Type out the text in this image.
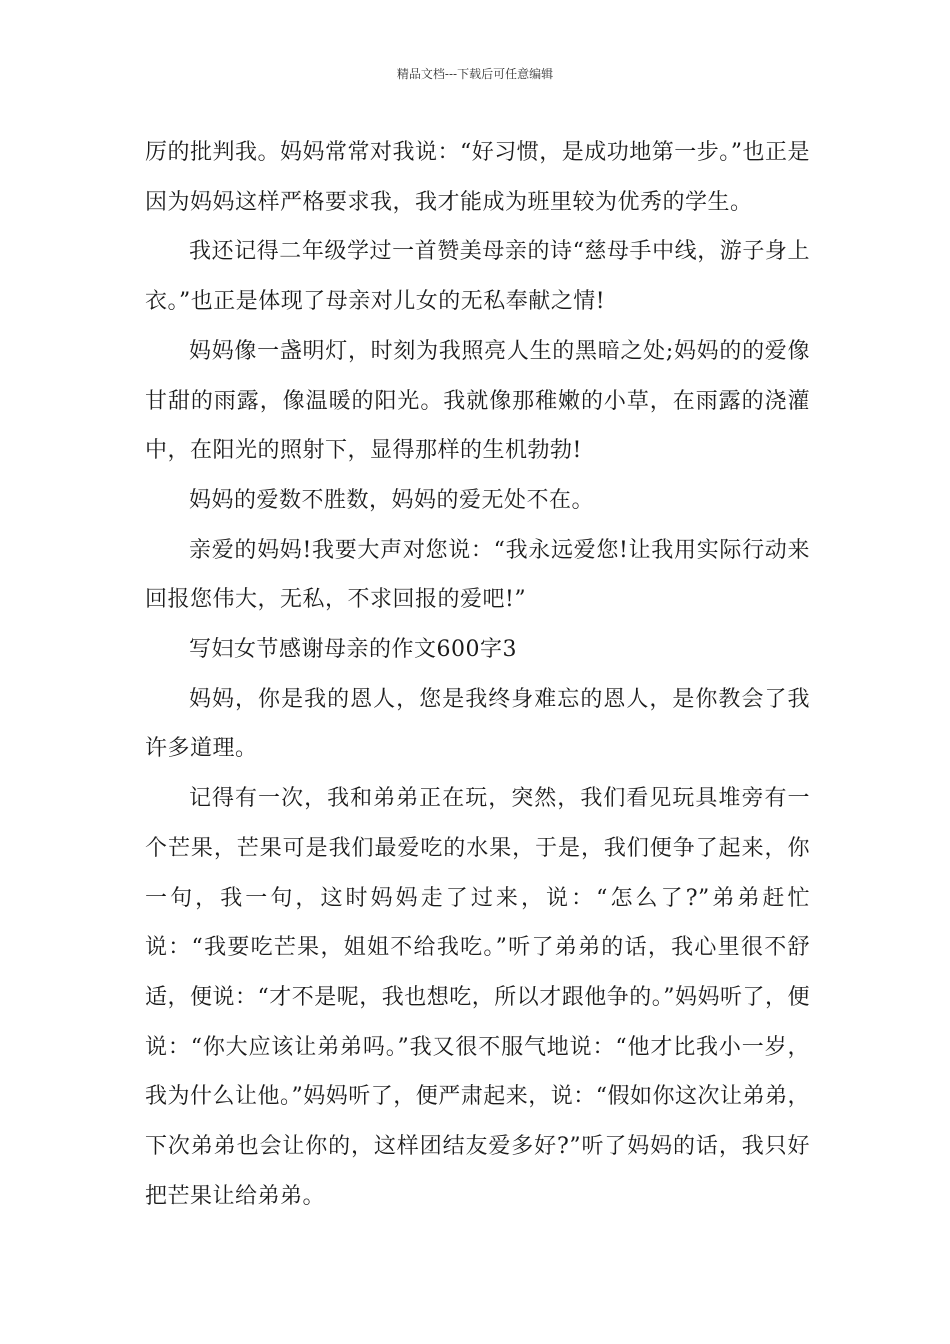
精品文档---下载后可任意编辑

厉的批判我。妈妈常常对我说：“好习惯，是成功地第一步。”也正是因为妈妈这样严格要求我，我才能成为班里较为优秀的学生。

我还记得二年级学过一首赞美母亲的诗“慈母手中线，游子身上衣。”也正是体现了母亲对儿女的无私奉献之情!

妈妈像一盏明灯，时刻为我照亮人生的黑暗之处;妈妈的的爱像甘甜的雨露，像温暖的阳光。我就像那稚嫩的小草，在雨露的浇灌中，在阳光的照射下，显得那样的生机勃勃!

妈妈的爱数不胜数，妈妈的爱无处不在。

亲爱的妈妈!我要大声对您说：“我永远爱您!让我用实际行动来回报您伟大，无私，不求回报的爱吧!”

写妇女节感谢母亲的作文600字3

妈妈，你是我的恩人，您是我终身难忘的恩人，是你教会了我许多道理。

记得有一次，我和弟弟正在玩，突然，我们看见玩具堆旁有一个芒果，芒果可是我们最爱吃的水果，于是，我们便争了起来，你一句，我一句，这时妈妈走了过来，说：“怎么了?”弟弟赶忙说：“我要吃芒果，姐姐不给我吃。”听了弟弟的话，我心里很不舒适，便说：“才不是呢，我也想吃，所以才跟他争的。”妈妈听了，便说：“你大应该让弟弟吗。”我又很不服气地说：“他才比我小一岁，我为什么让他。”妈妈听了，便严肃起来，说：“假如你这次让弟弟，下次弟弟也会让你的，这样团结友爱多好?”听了妈妈的话，我只好把芒果让给弟弟。
